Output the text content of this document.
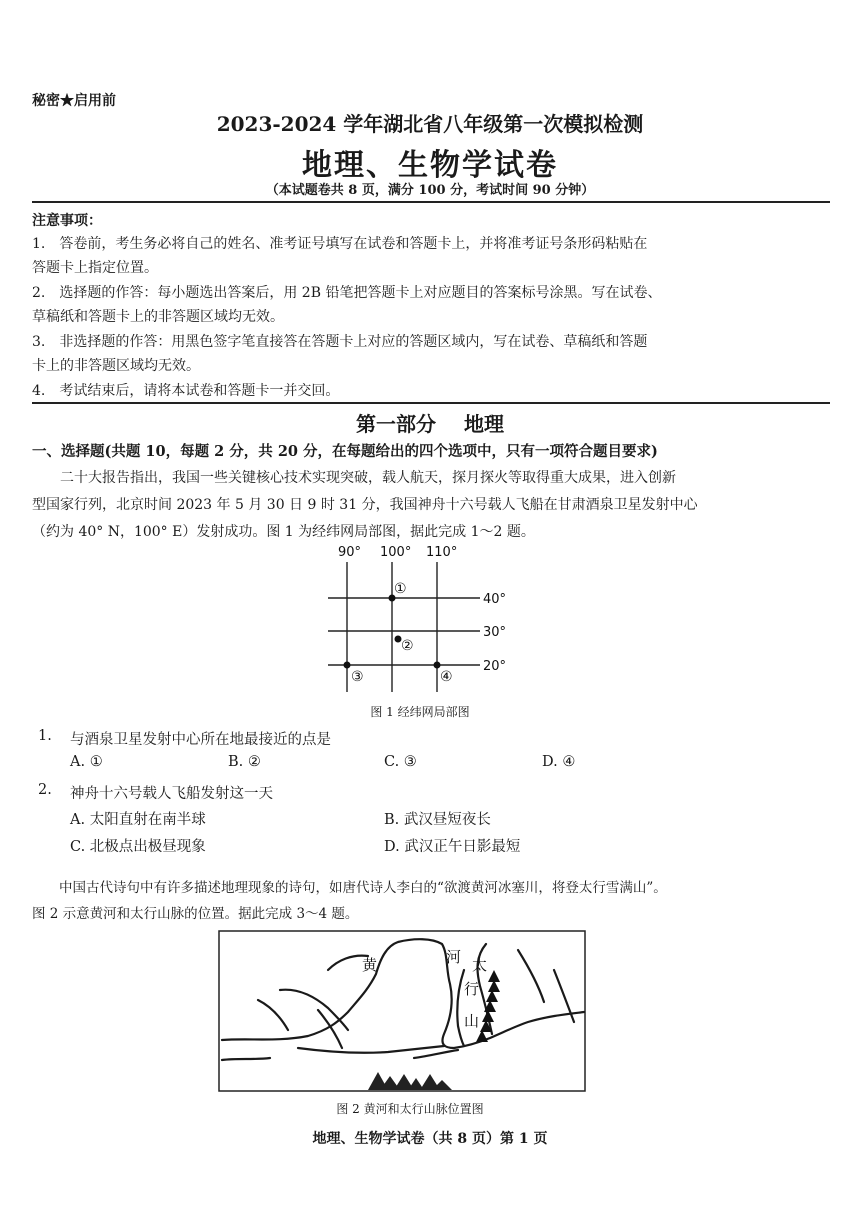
秘密★启用前
2023-2024 学年湖北省八年级第一次模拟检测
地理、生物学试卷
（本试题卷共 8 页，满分 100 分，考试时间 90 分钟）
注意事项：
1.　答卷前，考生务必将自己的姓名、准考证号填写在试卷和答题卡上，并将准考证号条形码粘贴在
答题卡上指定位置。
2.　选择题的作答：每小题选出答案后，用 2B 铅笔把答题卡上对应题目的答案标号涂黑。写在试卷、
草稿纸和答题卡上的非答题区域均无效。
3.　非选择题的作答：用黑色签字笔直接答在答题卡上对应的答题区域内，写在试卷、草稿纸和答题
卡上的非答题区域均无效。
4.　考试结束后，请将本试卷和答题卡一并交回。
第一部分 地理
一、选择题(共题 10，每题 2 分，共 20 分，在每题给出的四个选项中，只有一项符合题目要求)
　　二十大报告指出，我国一些关键核心技术实现突破，载人航天，探月探火等取得重大成果，进入创新
型国家行列，北京时间 2023 年 5 月 30 日 9 时 31 分，我国神舟十六号载人飞船在甘肃酒泉卫星发射中心
（约为 40° N，100° E）发射成功。图 1 为经纬网局部图，据此完成 1～2 题。
90° 100° 110°
40°
30°
20°
①
②
③	④
图 1 经纬网局部图
1. 与酒泉卫星发射中心所在地最接近的点是
A. ①	B. ②	C. ③	D. ④
2. 神舟十六号载人飞船发射这一天
A. 太阳直射在南半球	B. 武汉昼短夜长
C. 北极点出极昼现象	D. 武汉正午日影最短
　　中国古代诗句中有许多描述地理现象的诗句，如唐代诗人李白的“欲渡黄河冰塞川，将登太行雪满山”。
图 2 示意黄河和太行山脉的位置。据此完成 3～4 题。
黄	河 太
行
山
图 2 黄河和太行山脉位置图
地理、生物学试卷（共 8 页）第 1 页
